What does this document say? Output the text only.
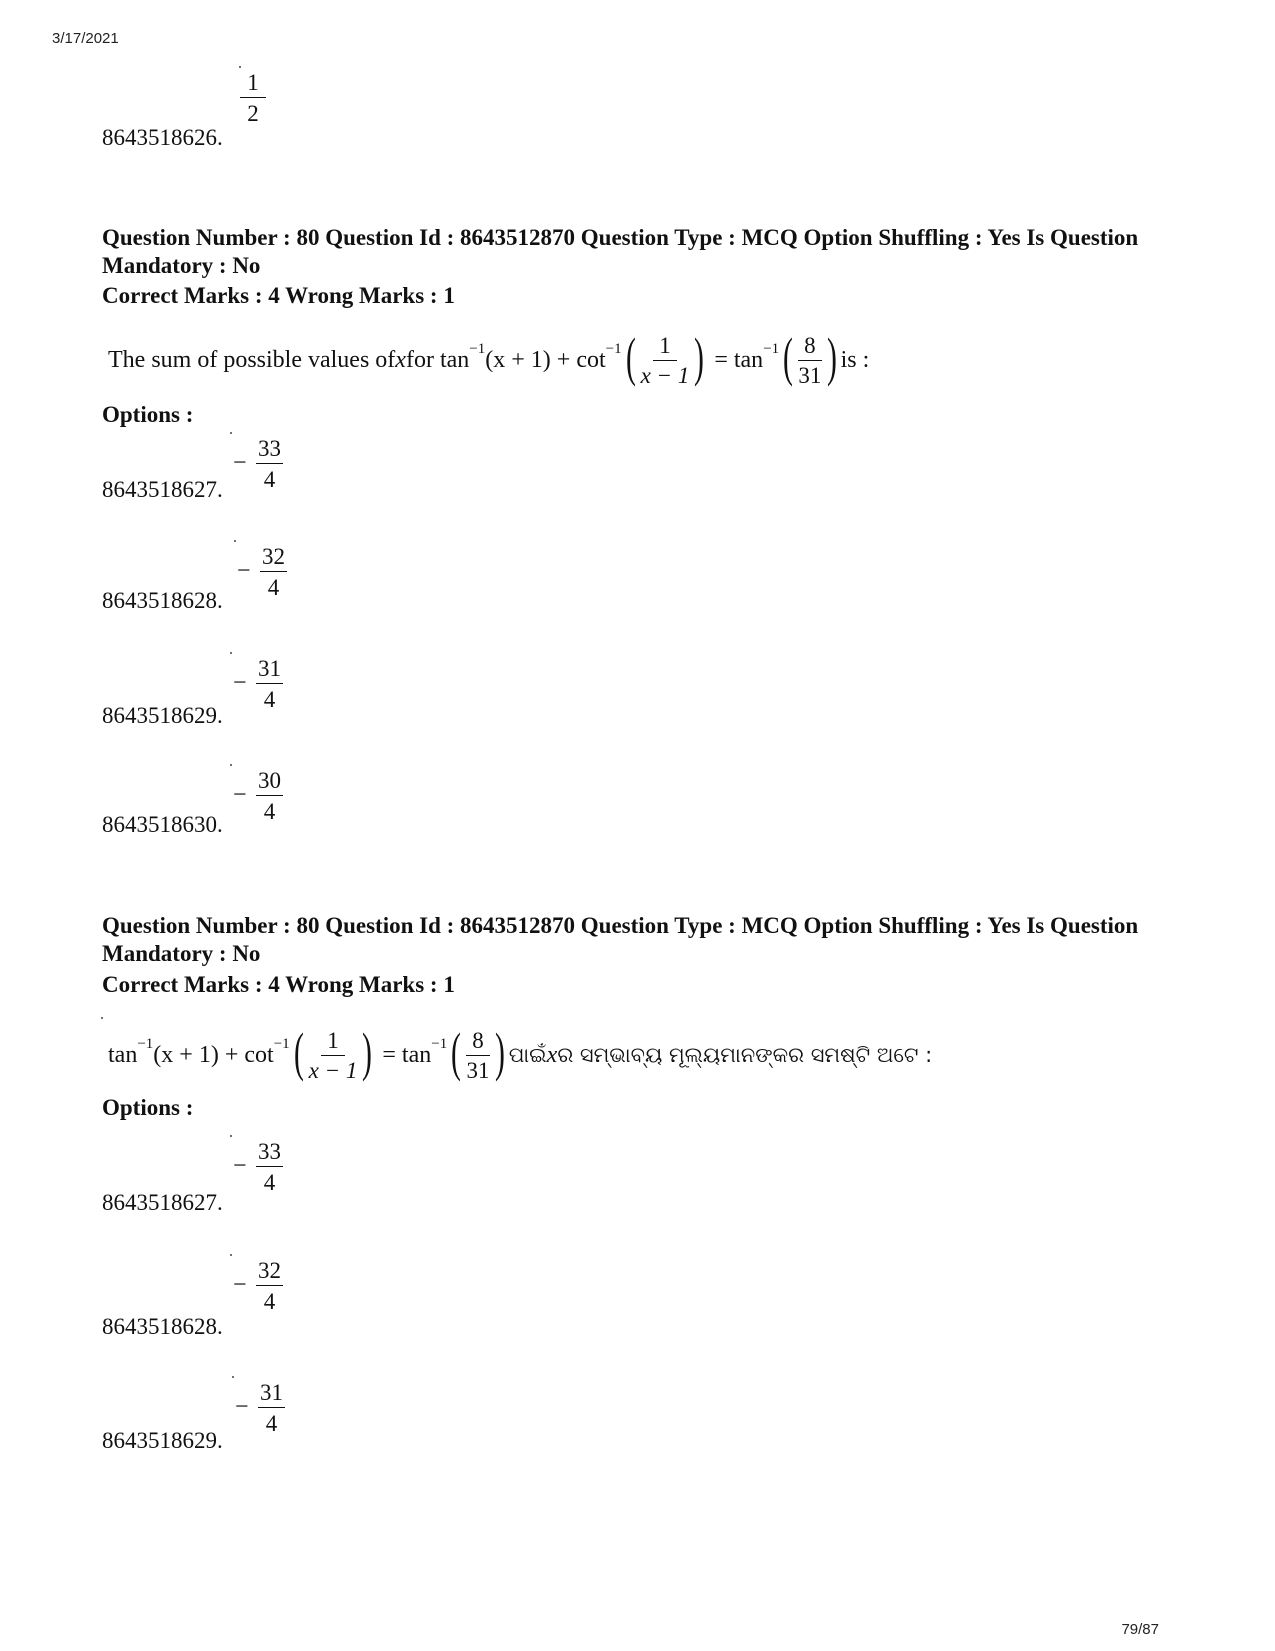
3/17/2021
$\frac{1}{2}$
8643518626.
Question Number : 80 Question Id : 8643512870 Question Type : MCQ Option Shuffling : Yes Is Question Mandatory : No
Correct Marks : 4 Wrong Marks : 1
The sum of possible values of x for
tan −1 (x + 1)
+
cot −1 ( $\frac{1}{x - 1}$ )
=
tan −1 ( $\frac{8}{31}$ ) is :
Options :
− $\frac{33}{4}$
8643518627.
− $\frac{32}{4}$
8643518628.
− $\frac{31}{4}$
8643518629.
− $\frac{30}{4}$
8643518630.
Question Number : 80 Question Id : 8643512870 Question Type : MCQ Option Shuffling : Yes Is Question Mandatory : No
Correct Marks : 4 Wrong Marks : 1
tan −1 (x + 1)
+
cot −1 ( $\frac{1}{x - 1}$ )
=
tan −1 ( $\frac{8}{31}$ ) ପାଇଁ x ର ସମ୍ଭାବ୍ୟ ମୂଲ୍ୟମାନଙ୍କର ସମଷ୍ଟି ଅଟେ :
Options :
− $\frac{33}{4}$
8643518627.
− $\frac{32}{4}$
8643518628.
− $\frac{31}{4}$
8643518629.
79/87
